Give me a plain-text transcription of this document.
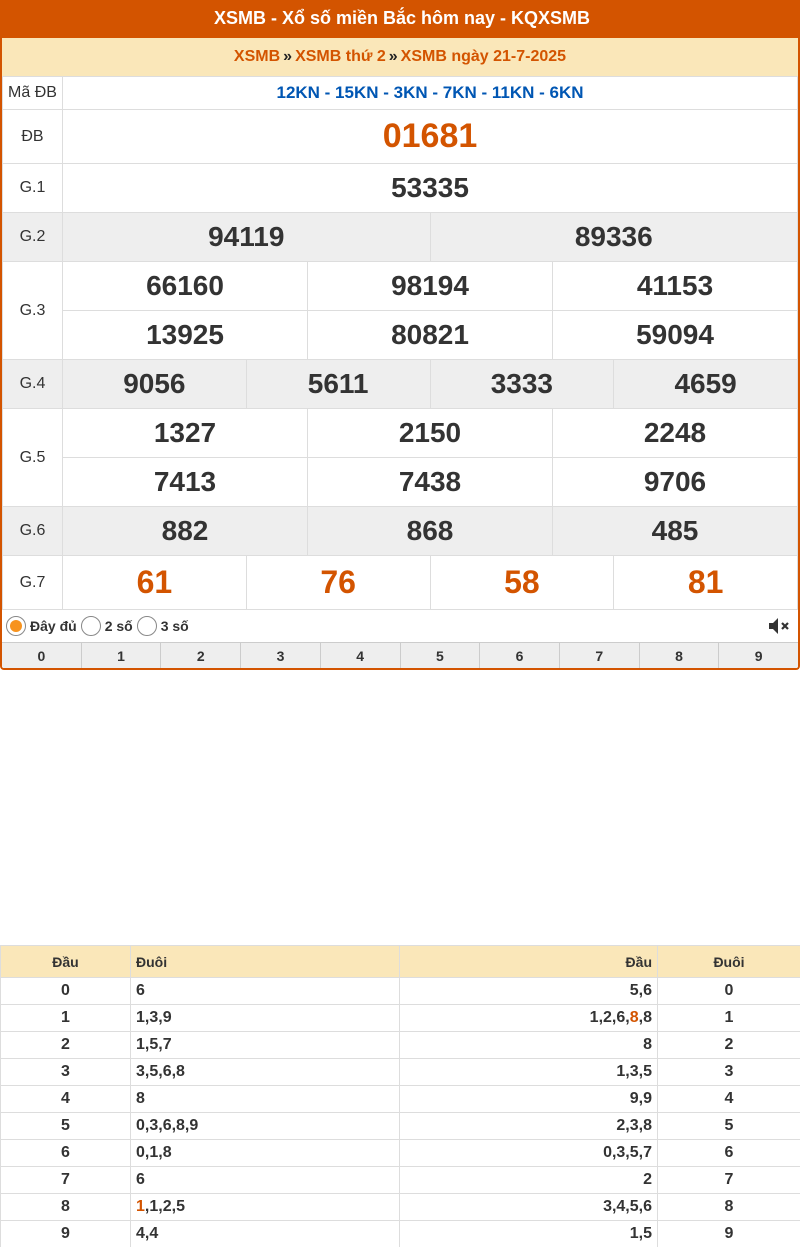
XSMB - Xổ số miền Bắc hôm nay - KQXSMB
XSMB » XSMB thứ 2 » XSMB ngày 21-7-2025
Mã ĐB	12KN - 15KN - 3KN - 7KN - 11KN - 6KN					
ĐB	01681					
G.1	53335					
G.2	94119			89336		
G.3	66160		98194		41153	
	13925		80821		59094	
G.4	9056	5611		3333		4659
G.5	1327		2150		2248	
	7413		7438		9706	
G.6	882		868		485	
G.7	61	76		58		81
Đây đủ 2 số 3 số
0	1	2	3	4	5	6	7	8	9
Đầu	Đuôi	Đầu	Đuôi
0	6	5,6	0
1	1,3,9	1,2,6,8,8	1
2	1,5,7	8	2
3	3,5,6,8	1,3,5	3
4	8	9,9	4
5	0,3,6,8,9	2,3,8	5
6	0,1,8	0,3,5,7	6
7	6	2	7
8	1,1,2,5	3,4,5,6	8
9	4,4	1,5	9
